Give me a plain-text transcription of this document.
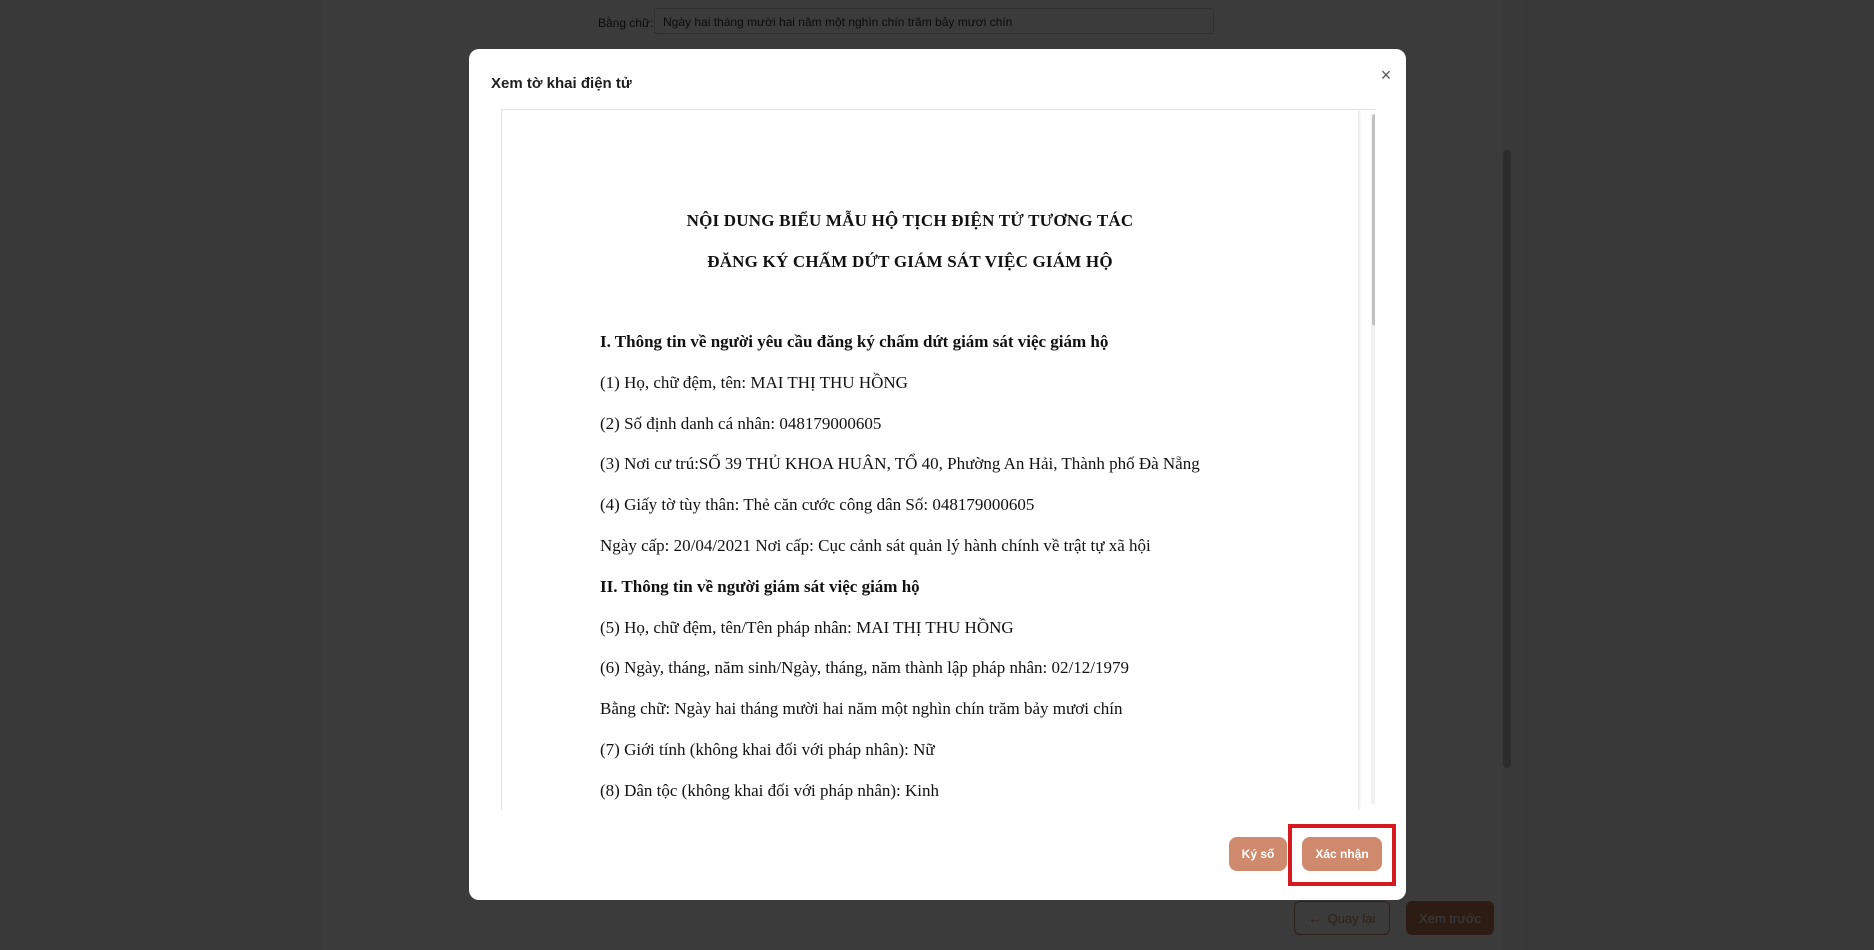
Xem tờ khai điện tử	×
NỘI DUNG BIỂU MẪU HỘ TỊCH ĐIỆN TỬ TƯƠNG TÁC
ĐĂNG KÝ CHẤM DỨT GIÁM SÁT VIỆC GIÁM HỘ
I. Thông tin về người yêu cầu đăng ký chấm dứt giám sát việc giám hộ
(1) Họ, chữ đệm, tên: MAI THỊ THU HỒNG
(2) Số định danh cá nhân: 048179000605
(3) Nơi cư trú:SỐ 39 THỦ KHOA HUÂN, TỔ 40, Phường An Hải, Thành phố Đà Nẵng
(4) Giấy tờ tùy thân: Thẻ căn cước công dân Số: 048179000605
Ngày cấp: 20/04/2021 Nơi cấp: Cục cảnh sát quản lý hành chính về trật tự xã hội
II. Thông tin về người giám sát việc giám hộ
(5) Họ, chữ đệm, tên/Tên pháp nhân: MAI THỊ THU HỒNG
(6) Ngày, tháng, năm sinh/Ngày, tháng, năm thành lập pháp nhân: 02/12/1979
Bằng chữ: Ngày hai tháng mười hai năm một nghìn chín trăm bảy mươi chín
(7) Giới tính (không khai đối với pháp nhân): Nữ
(8) Dân tộc (không khai đối với pháp nhân): Kinh
Ký số	Xác nhận
